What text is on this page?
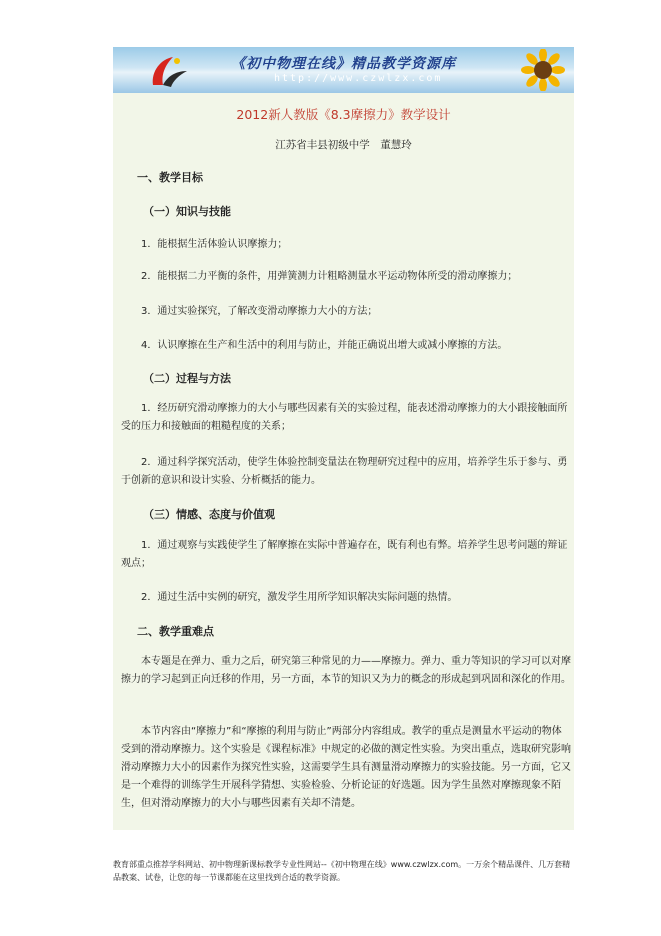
《初中物理在线》精品教学资源库
http://www.czwlzx.com
2012新人教版《8.3摩擦力》教学设计
江苏省丰县初级中学　董慧玲
一、教学目标
（一）知识与技能
1．能根据生活体验认识摩擦力；
2．能根据二力平衡的条件，用弹簧测力计粗略测量水平运动物体所受的滑动摩擦力；
3．通过实验探究，了解改变滑动摩擦力大小的方法；
4．认识摩擦在生产和生活中的利用与防止，并能正确说出增大或减小摩擦的方法。
（二）过程与方法
1．经历研究滑动摩擦力的大小与哪些因素有关的实验过程，能表述滑动摩擦力的大小跟接触面所受的压力和接触面的粗糙程度的关系；
2．通过科学探究活动，使学生体验控制变量法在物理研究过程中的应用，培养学生乐于参与、勇于创新的意识和设计实验、分析概括的能力。
（三）情感、态度与价值观
1．通过观察与实践使学生了解摩擦在实际中普遍存在，既有利也有弊。培养学生思考问题的辩证观点；
2．通过生活中实例的研究，激发学生用所学知识解决实际问题的热情。
二、教学重难点
本专题是在弹力、重力之后，研究第三种常见的力——摩擦力。弹力、重力等知识的学习可以对摩擦力的学习起到正向迁移的作用，另一方面，本节的知识又为力的概念的形成起到巩固和深化的作用。
本节内容由“摩擦力”和“摩擦的利用与防止”两部分内容组成。教学的重点是测量水平运动的物体受到的滑动摩擦力。这个实验是《课程标准》中规定的必做的测定性实验。为突出重点，选取研究影响滑动摩擦力大小的因素作为探究性实验，这需要学生具有测量滑动摩擦力的实验技能。另一方面，它又是一个难得的训练学生开展科学猜想、实验检验、分析论证的好选题。因为学生虽然对摩擦现象不陌生，但对滑动摩擦力的大小与哪些因素有关却不清楚。
教育部重点推荐学科网站、初中物理新课标教学专业性网站--《初中物理在线》www.czwlzx.com。一万余个精品课件、几万套精品教案、试卷，让您的每一节课都能在这里找到合适的教学资源。
